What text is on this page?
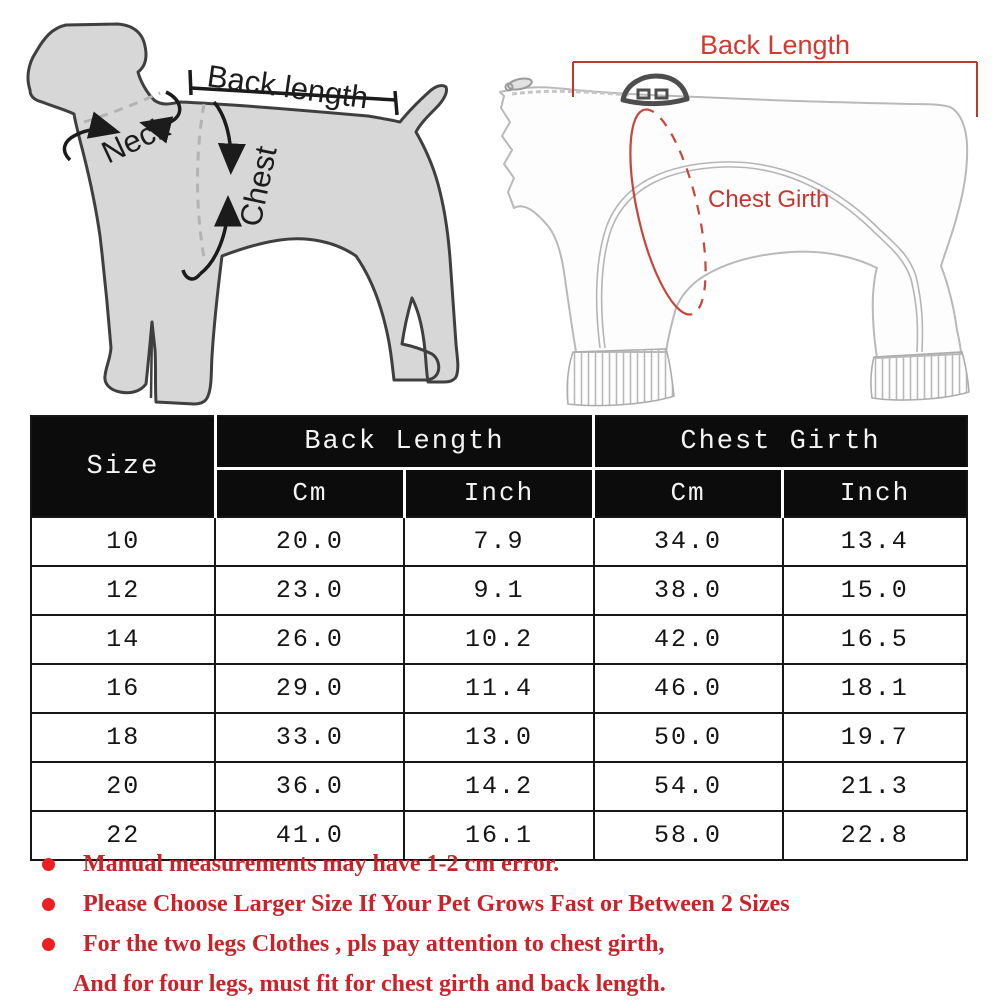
Back length
Neck
Chest
Back Length
Chest Girth
Size	Back Length		Chest Girth	
	Cm	Inch	Cm	Inch
10	20.0	7.9	34.0	13.4
12	23.0	9.1	38.0	15.0
14	26.0	10.2	42.0	16.5
16	29.0	11.4	46.0	18.1
18	33.0	13.0	50.0	19.7
20	36.0	14.2	54.0	21.3
22	41.0	16.1	58.0	22.8
Manual measurements may have 1-2 cm error.
Please Choose Larger Size If Your Pet Grows Fast or Between 2 Sizes
For the two legs Clothes , pls pay attention to chest girth,
And for four legs, must fit for chest girth and back length.
